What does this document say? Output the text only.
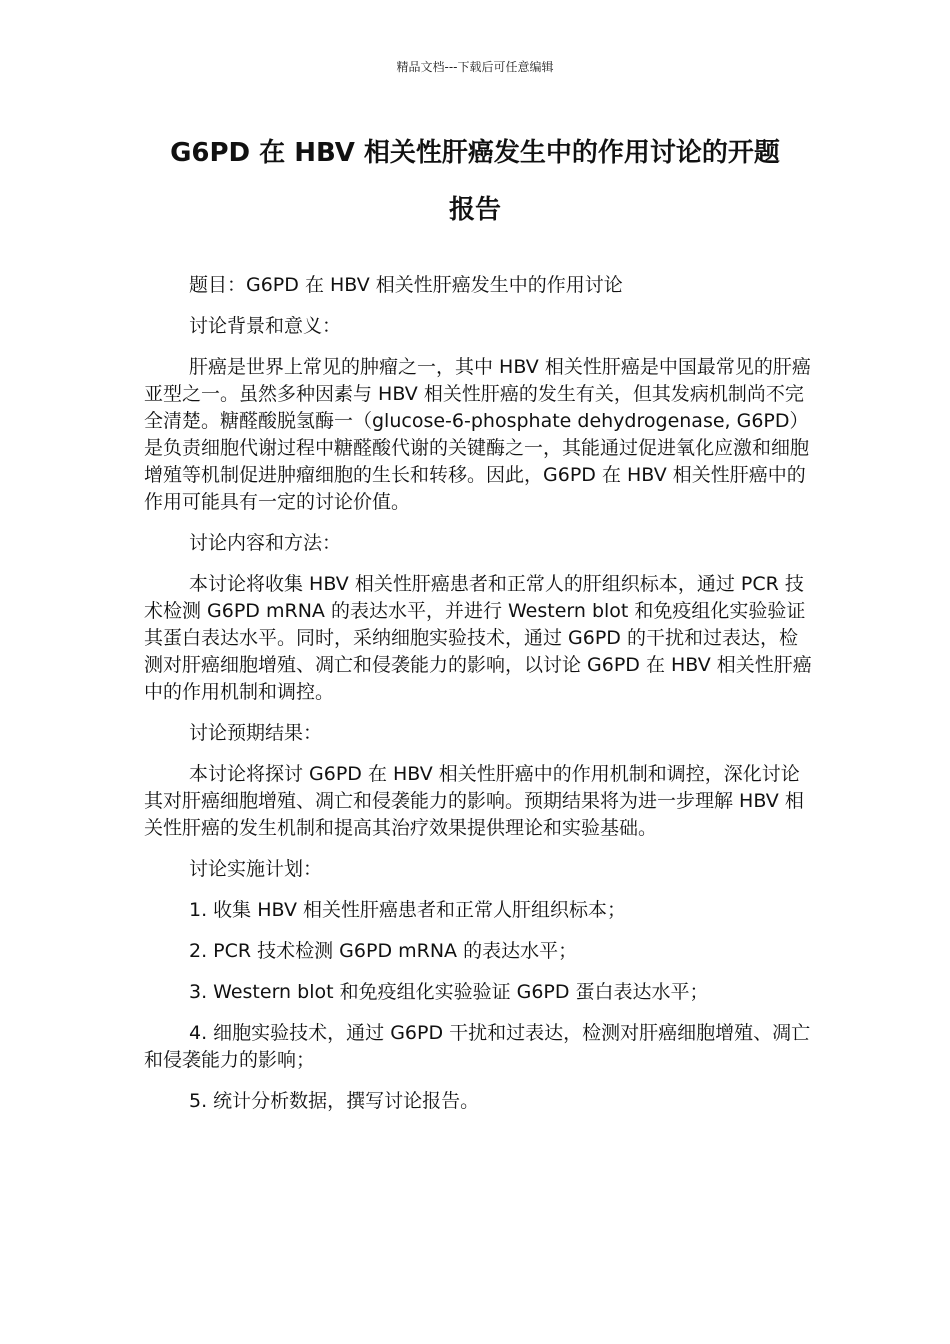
精品文档---下载后可任意编辑
G6PD 在 HBV 相关性肝癌发生中的作用讨论的开题
报告

题目：G6PD 在 HBV 相关性肝癌发生中的作用讨论

讨论背景和意义：

肝癌是世界上常见的肿瘤之一，其中 HBV 相关性肝癌是中国最常见的肝癌亚型之一。虽然多种因素与 HBV 相关性肝癌的发生有关，但其发病机制尚不完全清楚。糖醛酸脱氢酶一（glucose-6-phosphate dehydrogenase, G6PD）是负责细胞代谢过程中糖醛酸代谢的关键酶之一，其能通过促进氧化应激和细胞增殖等机制促进肿瘤细胞的生长和转移。因此，G6PD 在 HBV 相关性肝癌中的作用可能具有一定的讨论价值。

讨论内容和方法：

本讨论将收集 HBV 相关性肝癌患者和正常人的肝组织标本，通过 PCR 技术检测 G6PD mRNA 的表达水平，并进行 Western blot 和免疫组化实验验证其蛋白表达水平。同时，采纳细胞实验技术，通过 G6PD 的干扰和过表达，检测对肝癌细胞增殖、凋亡和侵袭能力的影响，以讨论 G6PD 在 HBV 相关性肝癌中的作用机制和调控。

讨论预期结果：

本讨论将探讨 G6PD 在 HBV 相关性肝癌中的作用机制和调控，深化讨论其对肝癌细胞增殖、凋亡和侵袭能力的影响。预期结果将为进一步理解 HBV 相关性肝癌的发生机制和提高其治疗效果提供理论和实验基础。

讨论实施计划：

1. 收集 HBV 相关性肝癌患者和正常人肝组织标本；

2. PCR 技术检测 G6PD mRNA 的表达水平；

3. Western blot 和免疫组化实验验证 G6PD 蛋白表达水平；

4. 细胞实验技术，通过 G6PD 干扰和过表达，检测对肝癌细胞增殖、凋亡和侵袭能力的影响；

5. 统计分析数据，撰写讨论报告。
